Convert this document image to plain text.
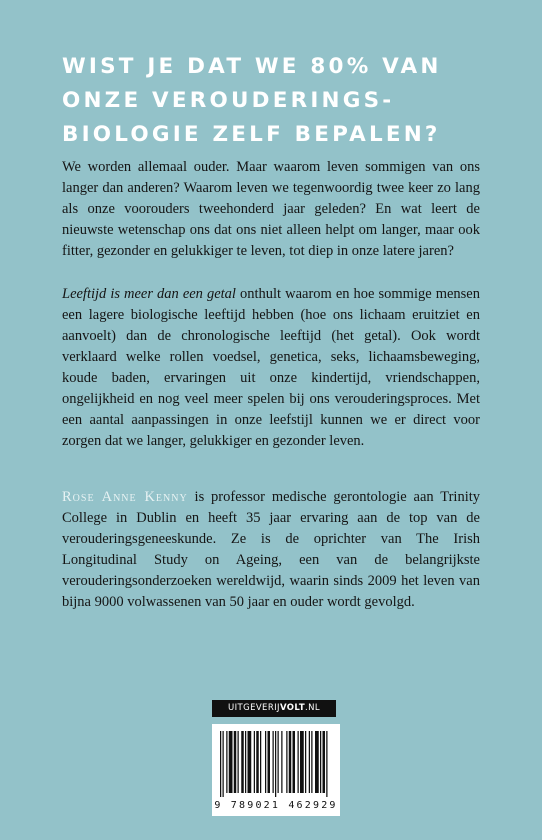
WIST JE DAT WE 80% VAN
ONZE VEROUDERINGS-
BIOLOGIE ZELF BEPALEN?

We worden allemaal ouder. Maar waarom leven sommigen van ons langer dan anderen? Waarom leven we tegenwoordig twee keer zo lang als onze voorouders tweehonderd jaar geleden? En wat leert de nieuwste wetenschap ons dat ons niet alleen helpt om langer, maar ook fitter, gezonder en gelukkiger te leven, tot diep in onze latere jaren?

Leeftijd is meer dan een getal onthult waarom en hoe sommige mensen een lagere biologische leeftijd hebben (hoe ons lichaam eruitziet en aanvoelt) dan de chronologische leeftijd (het getal). Ook wordt verklaard welke rollen voedsel, genetica, seks, lichaamsbeweging, koude baden, ervaringen uit onze kindertijd, vriendschappen, ongelijkheid en nog veel meer spelen bij ons verouderingsproces. Met een aantal aanpassingen in onze leefstijl kunnen we er direct voor zorgen dat we langer, gelukkiger en gezonder leven.

Rose Anne Kenny is professor medische gerontologie aan Trinity College in Dublin en heeft 35 jaar ervaring aan de top van de verouderingsgeneeskunde. Ze is de oprichter van The Irish Longitudinal Study on Ageing, een van de belangrijkste verouderingsonderzoeken wereldwijd, waarin sinds 2009 het leven van bijna 9000 volwassenen van 50 jaar en ouder wordt gevolgd.

UITGEVERIJVOLT.NL
9 789021 462929
